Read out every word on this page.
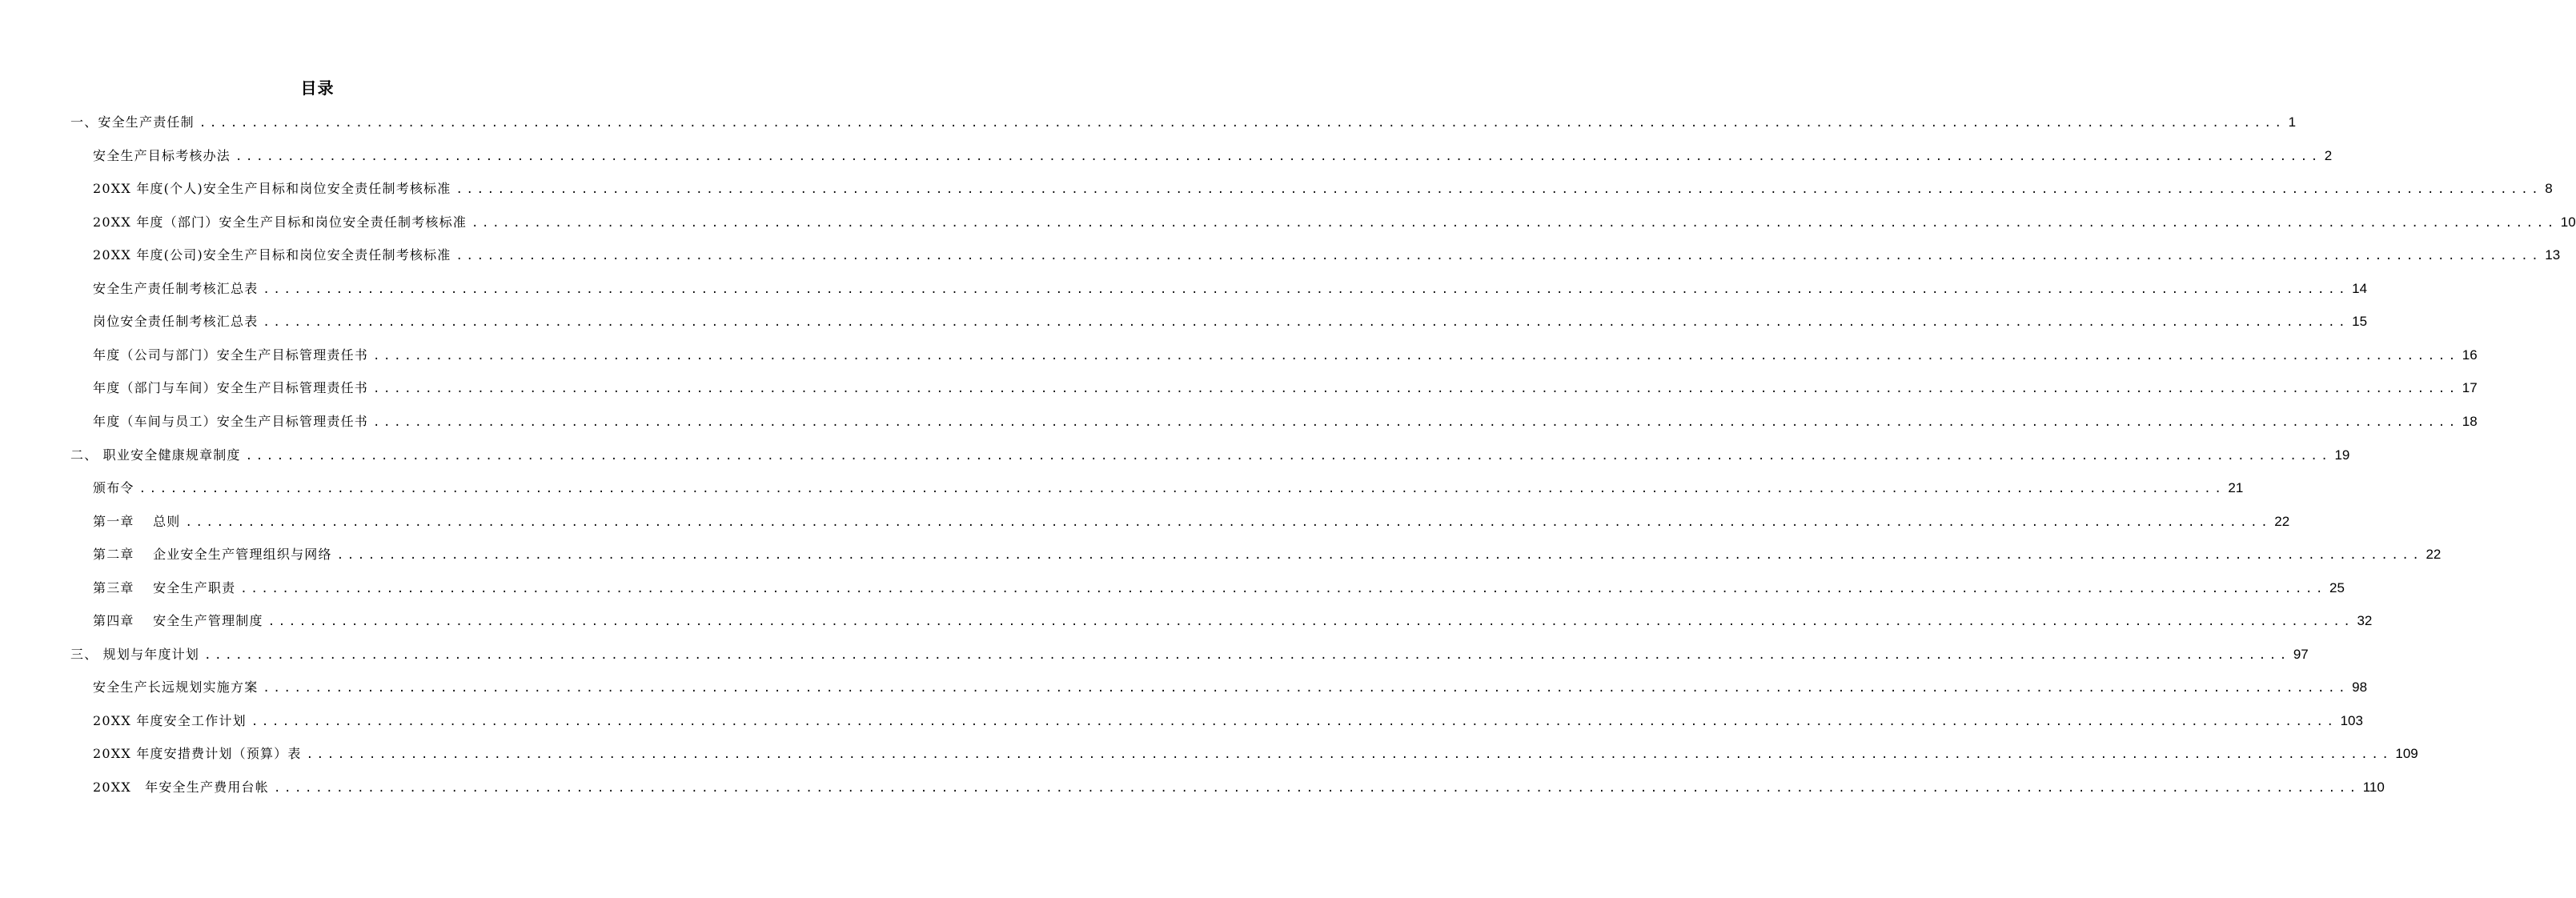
目录
一、安全生产责任制 ........................................................................................................................................................................................................ 1
安全生产目标考核办法 ........................................................................................................................................................................................................ 2
20XX 年度(个人)安全生产目标和岗位安全责任制考核标准 ........................................................................................................................................................................................................ 8
20XX 年度（部门）安全生产目标和岗位安全责任制考核标准 ........................................................................................................................................................................................................ 10
20XX 年度(公司)安全生产目标和岗位安全责任制考核标准 ........................................................................................................................................................................................................ 13
安全生产责任制考核汇总表 ........................................................................................................................................................................................................ 14
岗位安全责任制考核汇总表 ........................................................................................................................................................................................................ 15
年度（公司与部门）安全生产目标管理责任书 ........................................................................................................................................................................................................ 16
年度（部门与车间）安全生产目标管理责任书 ........................................................................................................................................................................................................ 17
年度（车间与员工）安全生产目标管理责任书 ........................................................................................................................................................................................................ 18
二、 职业安全健康规章制度 ........................................................................................................................................................................................................ 19
颁布令 ........................................................................................................................................................................................................ 21
第一章　 总则 ........................................................................................................................................................................................................ 22
第二章　 企业安全生产管理组织与网络 ........................................................................................................................................................................................................ 22
第三章　 安全生产职责 ........................................................................................................................................................................................................ 25
第四章　 安全生产管理制度 ........................................................................................................................................................................................................ 32
三、 规划与年度计划 ........................................................................................................................................................................................................ 97
安全生产长远规划实施方案 ........................................................................................................................................................................................................ 98
20XX 年度安全工作计划 ........................................................................................................................................................................................................ 103
20XX 年度安措费计划（预算）表 ........................................................................................................................................................................................................ 109
20XX　年安全生产费用台帐 ........................................................................................................................................................................................................ 110
